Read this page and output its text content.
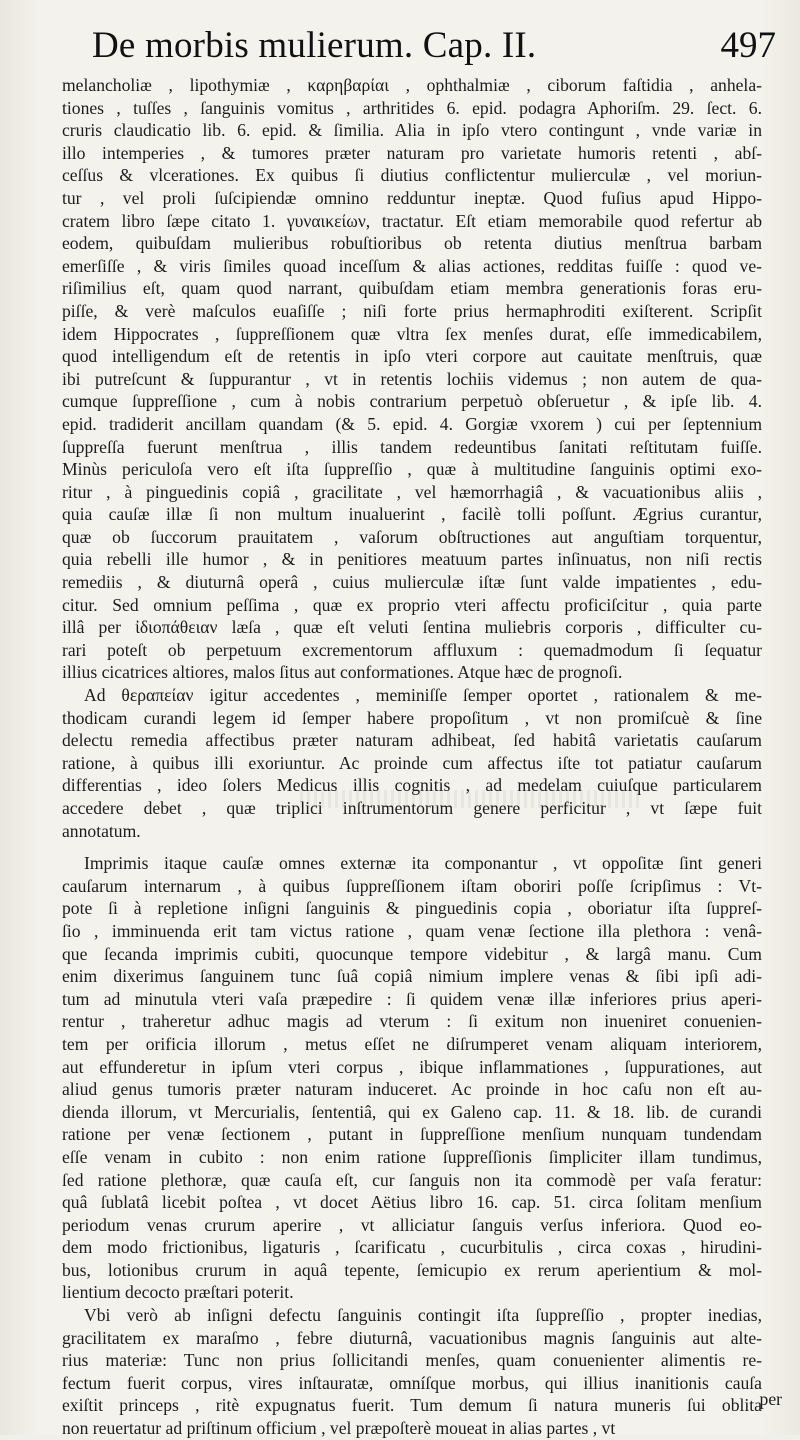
De morbis mulierum. Cap. II.	497
melancholiæ , lipothymiæ , καρηβαρίαι , ophthalmiæ , ciborum faſtidia , anhela-
tiones , tuſſes , ſanguinis vomitus , arthritides 6. epid. podagra Aphoriſm. 29. ſect. 6.
cruris claudicatio lib. 6. epid. & ſimilia. Alia in ipſo vtero contingunt , vnde variæ in
illo intemperies , & tumores præter naturam pro varietate humoris retenti , abſ-
ceſſus & vlcerationes. Ex quibus ſi diutius conflictentur mulierculæ , vel moriun-
tur , vel proli ſuſcipiendæ omnino redduntur ineptæ. Quod fuſius apud Hippo-
cratem libro ſæpe citato 1. γυναικείων, tractatur. Eſt etiam memorabile quod refertur ab
eodem, quibuſdam mulieribus robuſtioribus ob retenta diutius menſtrua barbam
emerſiſſe , & viris ſimiles quoad inceſſum & alias actiones, redditas fuiſſe : quod ve-
riſimilius eſt, quam quod narrant, quibuſdam etiam membra generationis foras eru-
piſſe, & verè maſculos euaſiſſe ; niſi forte prius hermaphroditi exiſterent. Scripſit
idem Hippocrates , ſuppreſſionem quæ vltra ſex menſes durat, eſſe immedicabilem,
quod intelligendum eſt de retentis in ipſo vteri corpore aut cauitate menſtruis, quæ
ibi putreſcunt & ſuppurantur , vt in retentis lochiis videmus ; non autem de qua-
cumque ſuppreſſione , cum à nobis contrarium perpetuò obſeruetur , & ipſe lib. 4.
epid. tradiderit ancillam quandam (& 5. epid. 4. Gorgiæ vxorem ) cui per ſeptennium
ſuppreſſa fuerunt menſtrua , illis tandem redeuntibus ſanitati reſtitutam fuiſſe.
Minùs periculoſa vero eſt iſta ſuppreſſio , quæ à multitudine ſanguinis optimi exo-
ritur , à pinguedinis copiâ , gracilitate , vel hæmorrhagiâ , & vacuationibus aliis ,
quia cauſæ illæ ſi non multum inualuerint , facilè tolli poſſunt. Ægrius curantur,
quæ ob ſuccorum prauitatem , vaſorum obſtructiones aut anguſtiam torquentur,
quia rebelli ille humor , & in penitiores meatuum partes inſinuatus, non niſi rectis
remediis , & diuturnâ operâ , cuius mulierculæ iſtæ ſunt valde impatientes , edu-
citur. Sed omnium peſſima , quæ ex proprio vteri affectu proficiſcitur , quia parte
illâ per ἰδιοπάθειαν læſa , quæ eſt veluti ſentina muliebris corporis , difficulter cu-
rari poteſt ob perpetuum excrementorum affluxum : quemadmodum ſi ſequatur
illius cicatrices altiores, malos ſitus aut conformationes. Atque hæc de prognoſi.
Ad θεραπείαν igitur accedentes , meminiſſe ſemper oportet , rationalem & me-
thodicam curandi legem id ſemper habere propoſitum , vt non promiſcuè & ſine
delectu remedia affectibus præter naturam adhibeat, ſed habitâ varietatis cauſarum
ratione, à quibus illi exoriuntur. Ac proinde cum affectus iſte tot patiatur cauſarum
differentias , ideo ſolers Medicus illis cognitis , ad medelam cuiuſque particularem
accedere debet , quæ triplici inſtrumentorum genere perficitur , vt ſæpe fuit
annotatum.
Imprimis itaque cauſæ omnes externæ ita componantur , vt oppoſitæ ſint generi
cauſarum internarum , à quibus ſuppreſſionem iſtam oboriri poſſe ſcripſimus : Vt-
pote ſi à repletione inſigni ſanguinis & pinguedinis copia , oboriatur iſta ſuppreſ-
ſio , imminuenda erit tam victus ratione , quam venæ ſectione illa plethora : venâ-
que ſecanda imprimis cubiti, quocunque tempore videbitur , & largâ manu. Cum
enim dixerimus ſanguinem tunc ſuâ copiâ nimium implere venas & ſibi ipſi adi-
tum ad minutula vteri vaſa præpedire : ſi quidem venæ illæ inferiores prius aperi-
rentur , traheretur adhuc magis ad vterum : ſi exitum non inueniret conuenien-
tem per orificia illorum , metus eſſet ne diſrumperet venam aliquam interiorem,
aut effunderetur in ipſum vteri corpus , ibique inflammationes , ſuppurationes, aut
aliud genus tumoris præter naturam induceret. Ac proinde in hoc caſu non eſt au-
dienda illorum, vt Mercurialis, ſententiâ, qui ex Galeno cap. 11. & 18. lib. de curandi
ratione per venæ ſectionem , putant in ſuppreſſione menſium nunquam tundendam
eſſe venam in cubito : non enim ratione ſuppreſſionis ſimpliciter illam tundimus,
ſed ratione plethoræ, quæ cauſa eſt, cur ſanguis non ita commodè per vaſa feratur:
quâ ſublatâ licebit poſtea , vt docet Aëtius libro 16. cap. 51. circa ſolitam menſium
periodum venas crurum aperire , vt alliciatur ſanguis verſus inferiora. Quod eo-
dem modo frictionibus, ligaturis , ſcarificatu , cucurbitulis , circa coxas , hirudini-
bus, lotionibus crurum in aquâ tepente, ſemicupio ex rerum aperientium & mol-
lientium decocto præſtari poterit.
Vbi verò ab inſigni defectu ſanguinis contingit iſta ſuppreſſio , propter inedias,
gracilitatem ex maraſmo , febre diuturnâ, vacuationibus magnis ſanguinis aut alte-
rius materiæ: Tunc non prius ſollicitandi menſes, quam conuenienter alimentis re-
fectum fuerit corpus, vires inſtauratæ, omníſque morbus, qui illius inanitionis cauſa
exiſtit princeps , ritè expugnatus fuerit. Tum demum ſi natura muneris ſui oblita
non reuertatur ad priſtinum officium , vel præpoſterè moueat in alias partes , vt
per
